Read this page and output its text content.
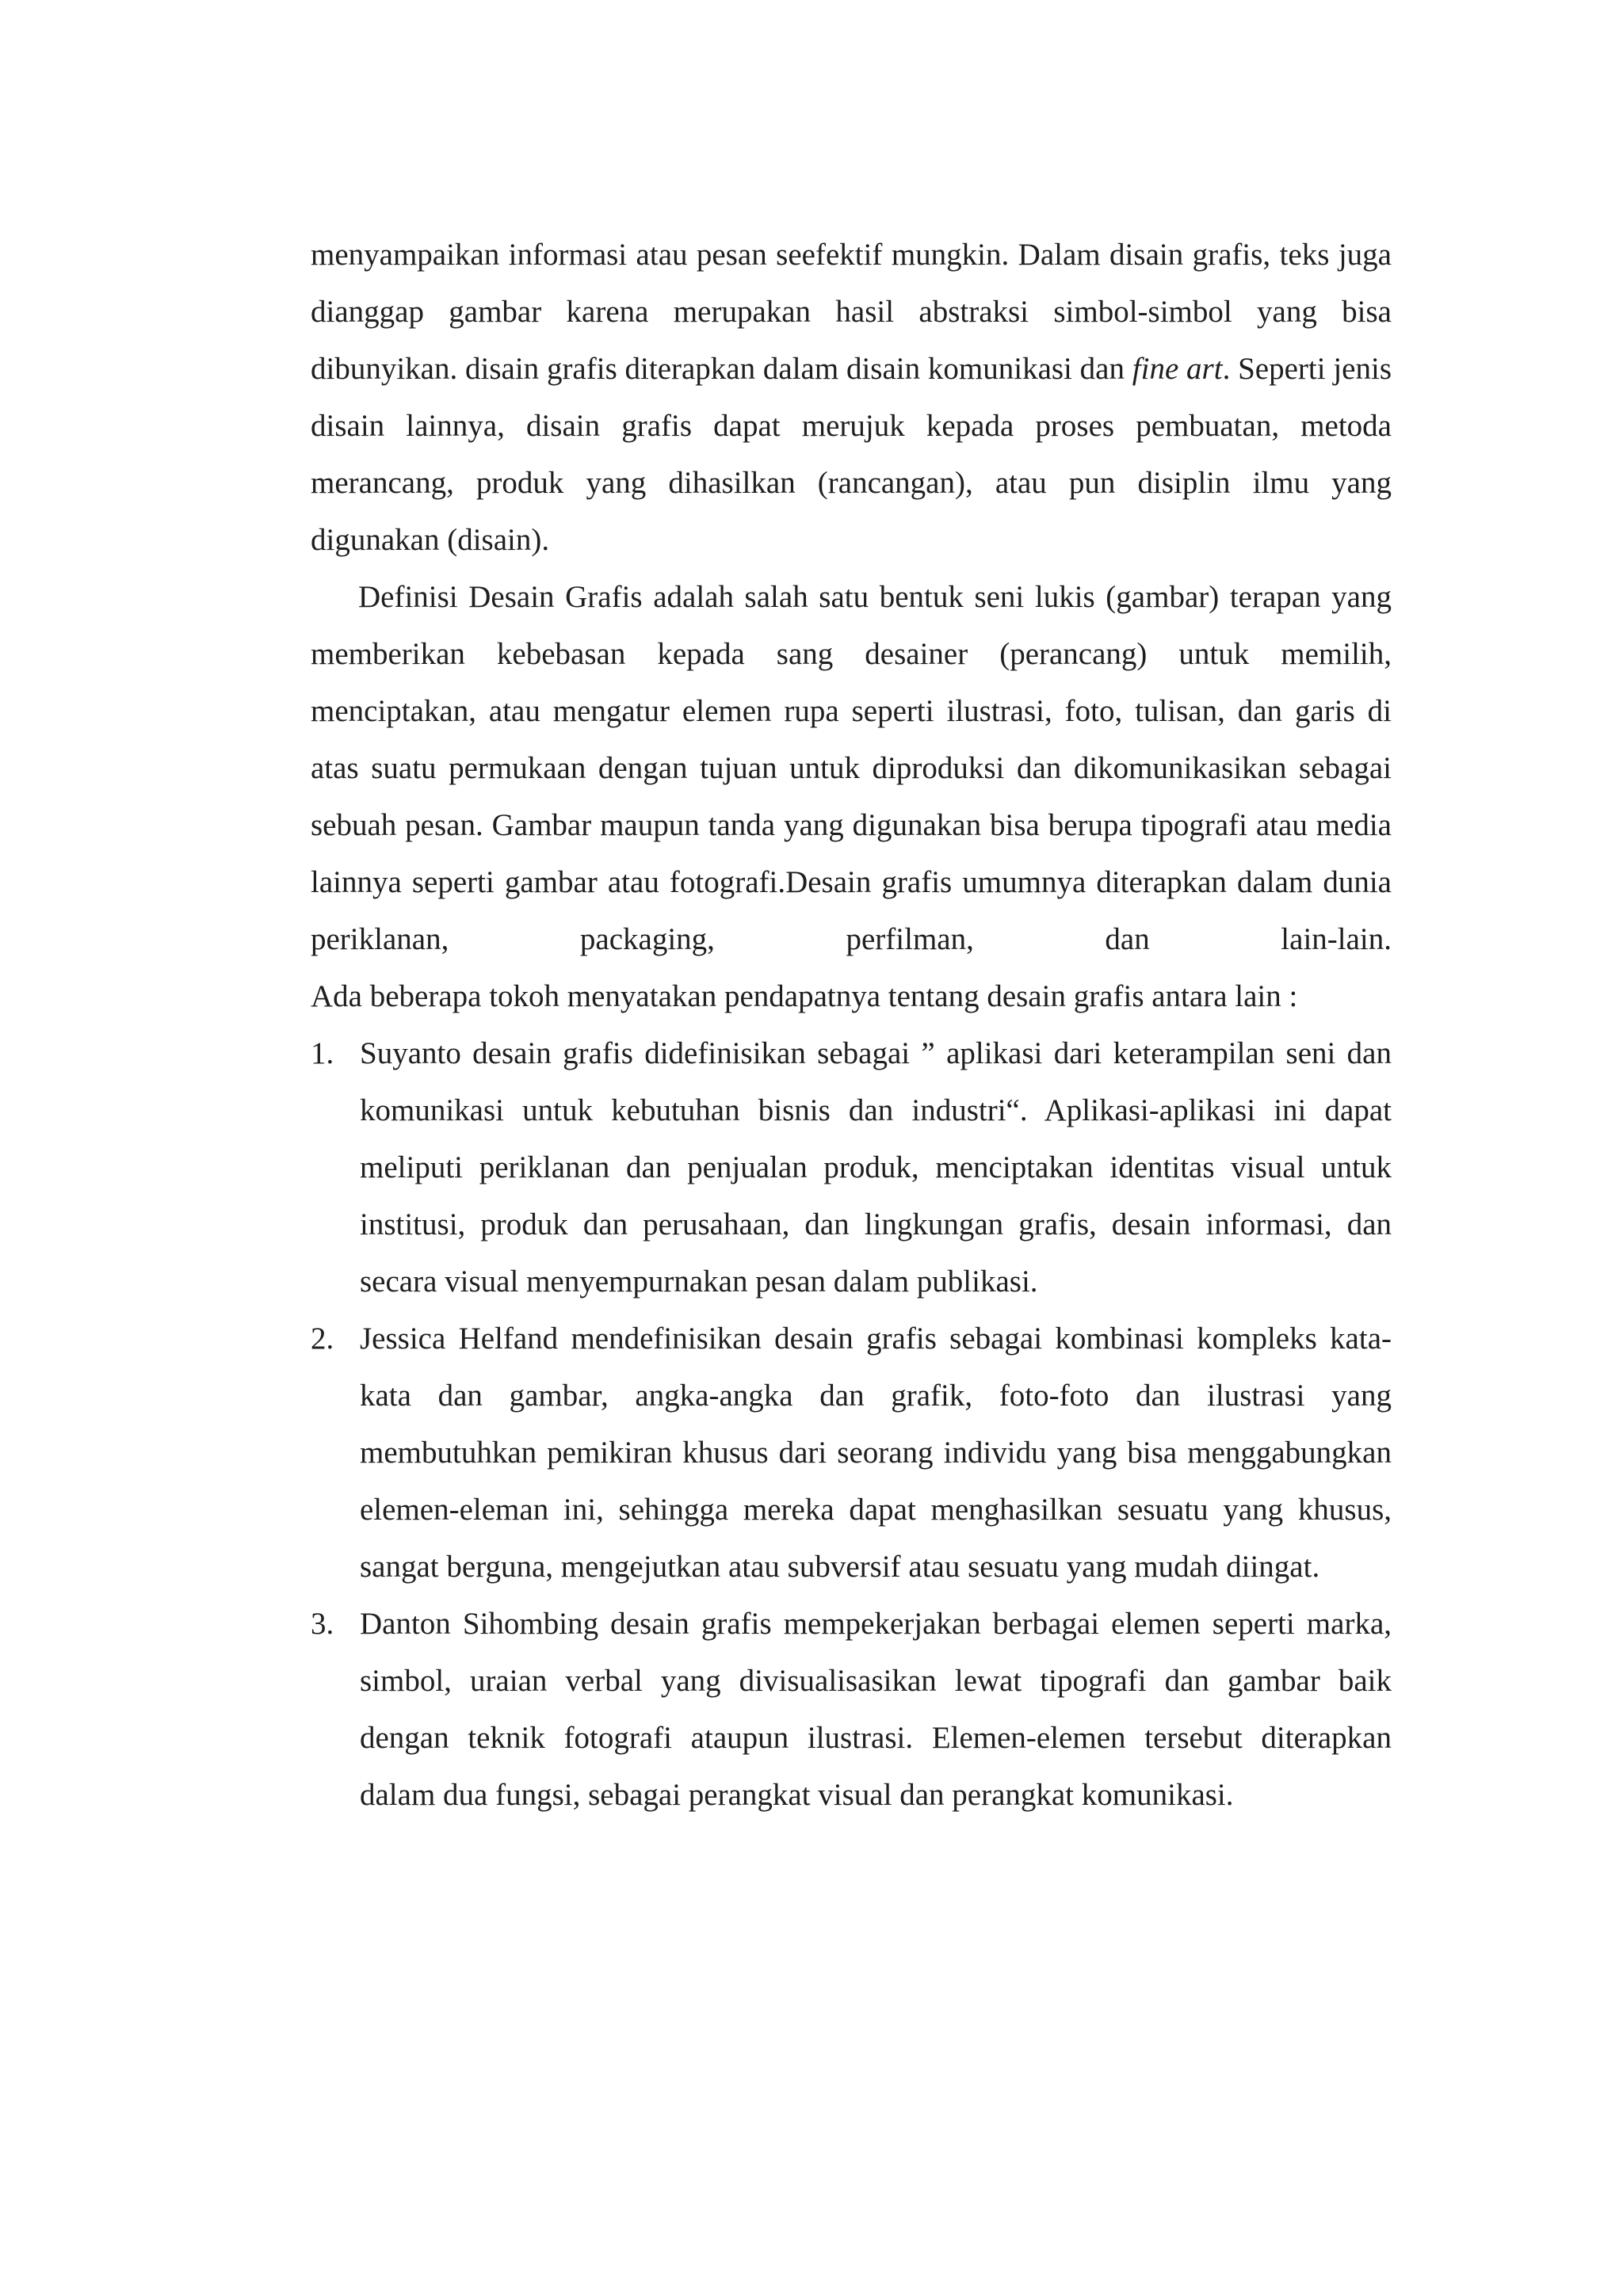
menyampaikan informasi atau pesan seefektif mungkin. Dalam disain grafis, teks juga dianggap gambar karena merupakan hasil abstraksi simbol-simbol yang bisa dibunyikan. disain grafis diterapkan dalam disain komunikasi dan fine art. Seperti jenis disain lainnya, disain grafis dapat merujuk kepada proses pembuatan, metoda merancang, produk yang dihasilkan (rancangan), atau pun disiplin ilmu yang digunakan (disain).

Definisi Desain Grafis adalah salah satu bentuk seni lukis (gambar) terapan yang memberikan kebebasan kepada sang desainer (perancang) untuk memilih, menciptakan, atau mengatur elemen rupa seperti ilustrasi, foto, tulisan, dan garis di atas suatu permukaan dengan tujuan untuk diproduksi dan dikomunikasikan sebagai sebuah pesan. Gambar maupun tanda yang digunakan bisa berupa tipografi atau media lainnya seperti gambar atau fotografi.Desain grafis umumnya diterapkan dalam dunia periklanan, packaging, perfilman, dan lain-lain.

Ada beberapa tokoh menyatakan pendapatnya tentang desain grafis antara lain :

1. Suyanto desain grafis didefinisikan sebagai ” aplikasi dari keterampilan seni dan komunikasi untuk kebutuhan bisnis dan industri“. Aplikasi-aplikasi ini dapat meliputi periklanan dan penjualan produk, menciptakan identitas visual untuk institusi, produk dan perusahaan, dan lingkungan grafis, desain informasi, dan secara visual menyempurnakan pesan dalam publikasi.
2. Jessica Helfand mendefinisikan desain grafis sebagai kombinasi kompleks kata- kata dan gambar, angka-angka dan grafik, foto-foto dan ilustrasi yang membutuhkan pemikiran khusus dari seorang individu yang bisa menggabungkan elemen-eleman ini, sehingga mereka dapat menghasilkan sesuatu yang khusus, sangat berguna, mengejutkan atau subversif atau sesuatu yang mudah diingat.
3. Danton Sihombing desain grafis mempekerjakan berbagai elemen seperti marka, simbol, uraian verbal yang divisualisasikan lewat tipografi dan gambar baik dengan teknik fotografi ataupun ilustrasi. Elemen-elemen tersebut diterapkan dalam dua fungsi, sebagai perangkat visual dan perangkat komunikasi.
